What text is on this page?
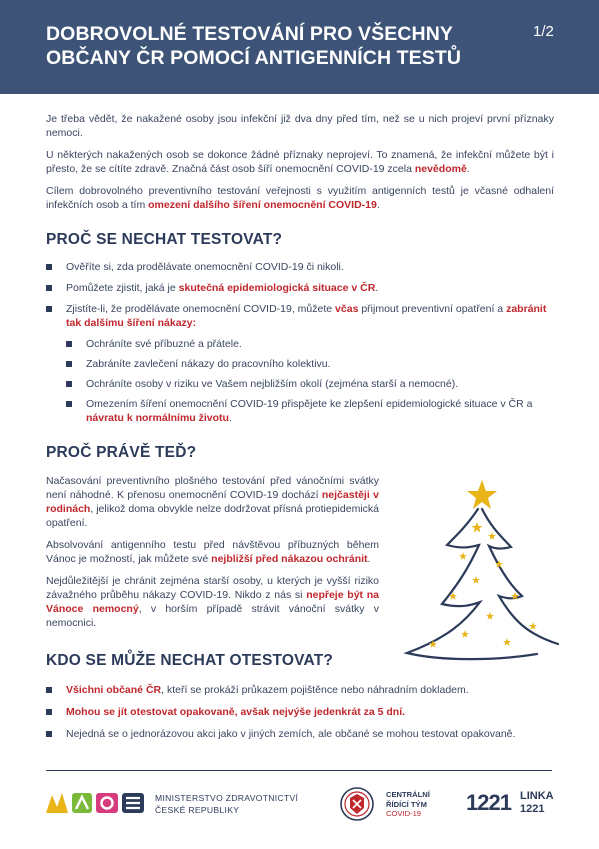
DOBROVOLNÉ TESTOVÁNÍ PRO VŠECHNY
OBČANY ČR POMOCÍ ANTIGENNÍCH TESTŮ
1/2

Je třeba vědět, že nakažené osoby jsou infekční již dva dny před tím, než se u nich projeví první příznaky nemoci.

U některých nakažených osob se dokonce žádné příznaky neprojeví. To znamená, že infekční můžete být i přesto, že se cítíte zdravě. Značná část osob šíří onemocnění COVID-19 zcela nevědomě.

Cílem dobrovolného preventivního testování veřejnosti s využitím antigenních testů je včasné odhalení infekčních osob a tím omezení dalšího šíření onemocnění COVID-19.

PROČ SE NECHAT TESTOVAT?
Ověříte si, zda prodělávate onemocnění COVID-19 či nikoli.
Pomůžete zjistit, jaká je skutečná epidemiologická situace v ČR.
Zjistíte-li, že prodělávate onemocnění COVID-19, můžete včas přijmout preventivní opatření a zabránit tak dalšímu šíření nákazy:
Ochráníte své příbuzné a přátele.
Zabráníte zavlečení nákazy do pracovního kolektivu.
Ochráníte osoby v riziku ve Vašem nejbližším okolí (zejména starší a nemocné).
Omezením šíření onemocnění COVID-19 přispějete ke zlepšení epidemiologické situace v ČR a návratu k normálnímu životu.
PROČ PRÁVĚ TEĎ?

Načasování preventivního plošného testování před vánočními svátky není náhodné. K přenosu onemocnění COVID-19 dochází nejčastěji v rodinách, jelikož doma obvykle nelze dodržovat přísná protiepidemická opatření.

Absolvování antigenního testu před návštěvou příbuzných během Vánoc je možností, jak můžete své nejbližší před nákazou ochránit.

Nejdůležitější je chránit zejména starší osoby, u kterých je vyšší riziko závažného průběhu nákazy COVID-19. Nikdo z nás si nepřeje být na Vánoce nemocný, v horším případě strávit vánoční svátky v nemocnici.

KDO SE MŮŽE NECHAT OTESTOVAT?
Všichni občané ČR, kteří se prokáží průkazem pojištěnce nebo náhradním dokladem.
Mohou se jít otestovat opakovaně, avšak nejvýše jedenkrát za 5 dní.
Nejedná se o jednorázovou akci jako v jiných zemích, ale občané se mohou testovat opakovaně.
MINISTERSTVO ZDRAVOTNICTVÍ
ČESKÉ REPUBLIKY
CENTRÁLNÍ
ŘÍDÍCÍ TÝM
COVID-19	1221 LINKA
1221
